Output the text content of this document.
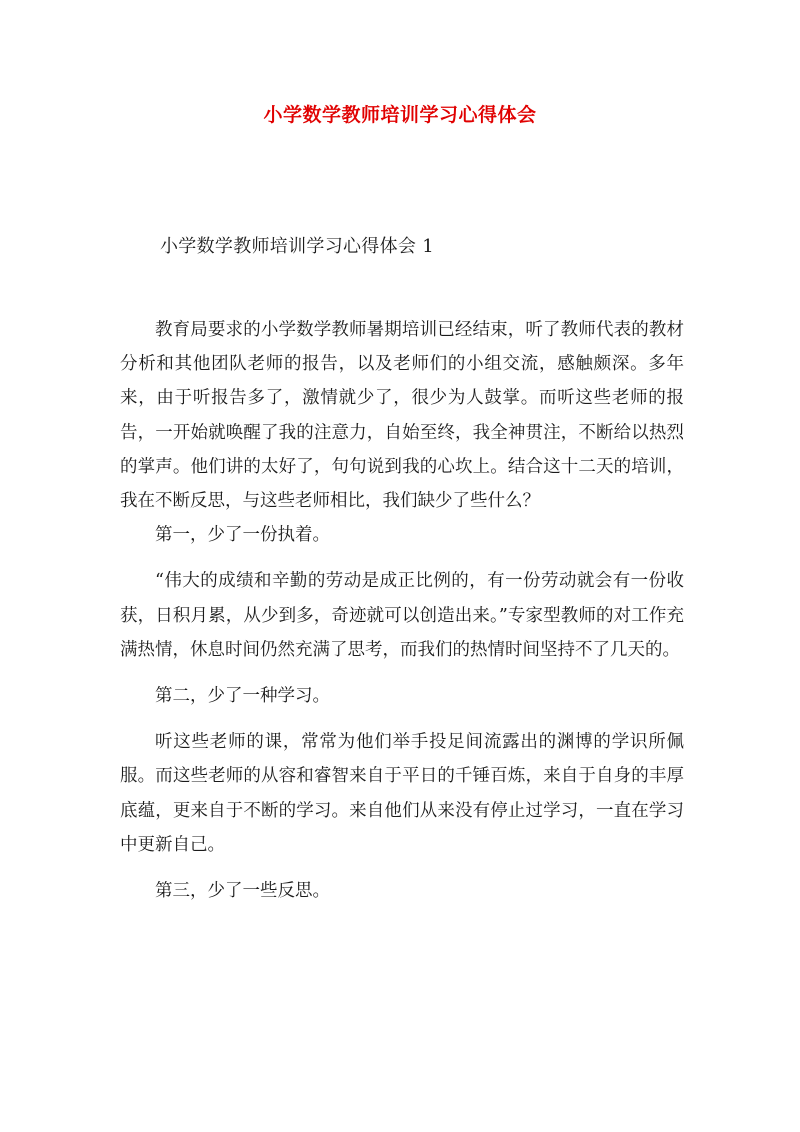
小学数学教师培训学习心得体会
小学数学教师培训学习心得体会 1

教育局要求的小学数学教师暑期培训已经结束，听了教师代表的教材分析和其他团队老师的报告，以及老师们的小组交流，感触颇深。多年来，由于听报告多了，激情就少了，很少为人鼓掌。而听这些老师的报告，一开始就唤醒了我的注意力，自始至终，我全神贯注，不断给以热烈的掌声。他们讲的太好了，句句说到我的心坎上。结合这十二天的培训，我在不断反思，与这些老师相比，我们缺少了些什么？

第一，少了一份执着。

“伟大的成绩和辛勤的劳动是成正比例的，有一份劳动就会有一份收获，日积月累，从少到多，奇迹就可以创造出来。”专家型教师的对工作充满热情，休息时间仍然充满了思考，而我们的热情时间坚持不了几天的。

第二，少了一种学习。

听这些老师的课，常常为他们举手投足间流露出的渊博的学识所佩服。而这些老师的从容和睿智来自于平日的千锤百炼，来自于自身的丰厚底蕴，更来自于不断的学习。来自他们从来没有停止过学习，一直在学习中更新自己。

第三，少了一些反思。
